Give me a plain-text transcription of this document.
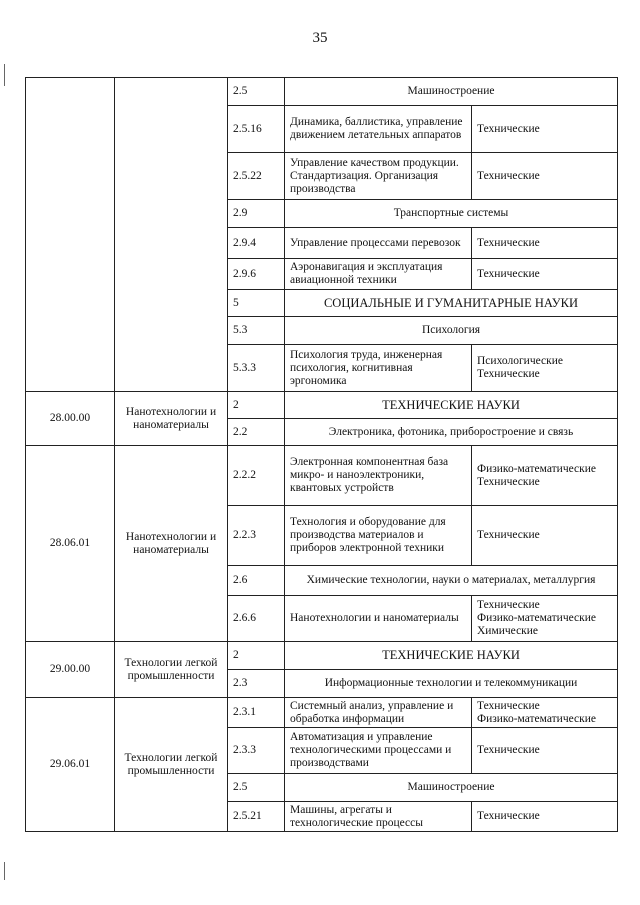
35
		2.5	Машиностроение	
		2.5.16	Динамика, баллистика, управление движением летательных аппаратов	Технические
		2.5.22	Управление качеством продукции. Стандартизация. Организация производства	Технические
		2.9	Транспортные системы	
		2.9.4	Управление процессами перевозок	Технические
		2.9.6	Аэронавигация и эксплуатация авиационной техники	Технические
		5	СОЦИАЛЬНЫЕ И ГУМАНИТАРНЫЕ НАУКИ	
		5.3	Психология	
		5.3.3	Психология труда, инженерная психология, когнитивная эргономика	Психологические
Технические
28.00.00	Нанотехнологии и наноматериалы	2	ТЕХНИЧЕСКИЕ НАУКИ	
		2.2	Электроника, фотоника, приборостроение и связь	
28.06.01	Нанотехнологии и наноматериалы	2.2.2	Электронная компонентная база микро- и наноэлектроники, квантовых устройств	Физико-математические
Технические
		2.2.3	Технология и оборудование для производства материалов и приборов электронной техники	Технические
		2.6	Химические технологии, науки о материалах, металлургия	
		2.6.6	Нанотехнологии и наноматериалы	Технические
Физико-математические
Химические
29.00.00	Технологии легкой промышленности	2	ТЕХНИЧЕСКИЕ НАУКИ	
		2.3	Информационные технологии и телекоммуникации	
29.06.01	Технологии легкой промышленности	2.3.1	Системный анализ, управление и обработка информации	Технические
Физико-математические
		2.3.3	Автоматизация и управление технологическими процессами и производствами	Технические
		2.5	Машиностроение	
		2.5.21	Машины, агрегаты и технологические процессы	Технические
